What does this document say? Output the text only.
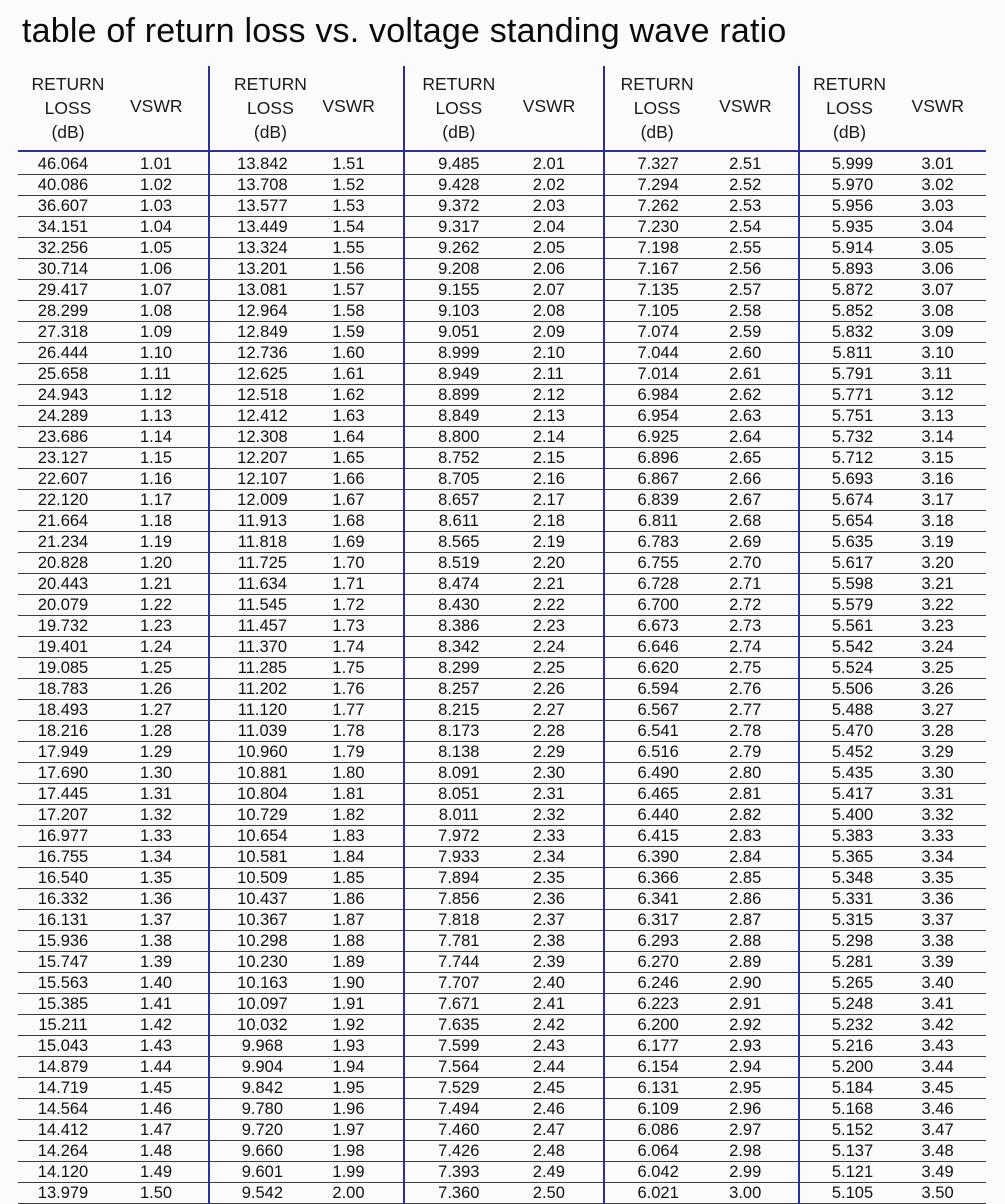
table of return loss vs. voltage standing wave ratio
RETURN
LOSS
(dB)
VSWR
46.064	1.01
40.086	1.02
36.607	1.03
34.151	1.04
32.256	1.05
30.714	1.06
29.417	1.07
28.299	1.08
27.318	1.09
26.444	1.10
25.658	1.11
24.943	1.12
24.289	1.13
23.686	1.14
23.127	1.15
22.607	1.16
22.120	1.17
21.664	1.18
21.234	1.19
20.828	1.20
20.443	1.21
20.079	1.22
19.732	1.23
19.401	1.24
19.085	1.25
18.783	1.26
18.493	1.27
18.216	1.28
17.949	1.29
17.690	1.30
17.445	1.31
17.207	1.32
16.977	1.33
16.755	1.34
16.540	1.35
16.332	1.36
16.131	1.37
15.936	1.38
15.747	1.39
15.563	1.40
15.385	1.41
15.211	1.42
15.043	1.43
14.879	1.44
14.719	1.45
14.564	1.46
14.412	1.47
14.264	1.48
14.120	1.49
13.979	1.50
RETURN
LOSS
(dB)
VSWR
13.842	1.51
13.708	1.52
13.577	1.53
13.449	1.54
13.324	1.55
13.201	1.56
13.081	1.57
12.964	1.58
12.849	1.59
12.736	1.60
12.625	1.61
12.518	1.62
12.412	1.63
12.308	1.64
12.207	1.65
12.107	1.66
12.009	1.67
11.913	1.68
11.818	1.69
11.725	1.70
11.634	1.71
11.545	1.72
11.457	1.73
11.370	1.74
11.285	1.75
11.202	1.76
11.120	1.77
11.039	1.78
10.960	1.79
10.881	1.80
10.804	1.81
10.729	1.82
10.654	1.83
10.581	1.84
10.509	1.85
10.437	1.86
10.367	1.87
10.298	1.88
10.230	1.89
10.163	1.90
10.097	1.91
10.032	1.92
9.968	1.93
9.904	1.94
9.842	1.95
9.780	1.96
9.720	1.97
9.660	1.98
9.601	1.99
9.542	2.00
RETURN
LOSS
(dB)
VSWR
9.485	2.01
9.428	2.02
9.372	2.03
9.317	2.04
9.262	2.05
9.208	2.06
9.155	2.07
9.103	2.08
9.051	2.09
8.999	2.10
8.949	2.11
8.899	2.12
8.849	2.13
8.800	2.14
8.752	2.15
8.705	2.16
8.657	2.17
8.611	2.18
8.565	2.19
8.519	2.20
8.474	2.21
8.430	2.22
8.386	2.23
8.342	2.24
8.299	2.25
8.257	2.26
8.215	2.27
8.173	2.28
8.138	2.29
8.091	2.30
8.051	2.31
8.011	2.32
7.972	2.33
7.933	2.34
7.894	2.35
7.856	2.36
7.818	2.37
7.781	2.38
7.744	2.39
7.707	2.40
7.671	2.41
7.635	2.42
7.599	2.43
7.564	2.44
7.529	2.45
7.494	2.46
7.460	2.47
7.426	2.48
7.393	2.49
7.360	2.50
RETURN
LOSS
(dB)
VSWR
7.327	2.51
7.294	2.52
7.262	2.53
7.230	2.54
7.198	2.55
7.167	2.56
7.135	2.57
7.105	2.58
7.074	2.59
7.044	2.60
7.014	2.61
6.984	2.62
6.954	2.63
6.925	2.64
6.896	2.65
6.867	2.66
6.839	2.67
6.811	2.68
6.783	2.69
6.755	2.70
6.728	2.71
6.700	2.72
6.673	2.73
6.646	2.74
6.620	2.75
6.594	2.76
6.567	2.77
6.541	2.78
6.516	2.79
6.490	2.80
6.465	2.81
6.440	2.82
6.415	2.83
6.390	2.84
6.366	2.85
6.341	2.86
6.317	2.87
6.293	2.88
6.270	2.89
6.246	2.90
6.223	2.91
6.200	2.92
6.177	2.93
6.154	2.94
6.131	2.95
6.109	2.96
6.086	2.97
6.064	2.98
6.042	2.99
6.021	3.00
RETURN
LOSS
(dB)
VSWR
5.999	3.01
5.970	3.02
5.956	3.03
5.935	3.04
5.914	3.05
5.893	3.06
5.872	3.07
5.852	3.08
5.832	3.09
5.811	3.10
5.791	3.11
5.771	3.12
5.751	3.13
5.732	3.14
5.712	3.15
5.693	3.16
5.674	3.17
5.654	3.18
5.635	3.19
5.617	3.20
5.598	3.21
5.579	3.22
5.561	3.23
5.542	3.24
5.524	3.25
5.506	3.26
5.488	3.27
5.470	3.28
5.452	3.29
5.435	3.30
5.417	3.31
5.400	3.32
5.383	3.33
5.365	3.34
5.348	3.35
5.331	3.36
5.315	3.37
5.298	3.38
5.281	3.39
5.265	3.40
5.248	3.41
5.232	3.42
5.216	3.43
5.200	3.44
5.184	3.45
5.168	3.46
5.152	3.47
5.137	3.48
5.121	3.49
5.105	3.50
